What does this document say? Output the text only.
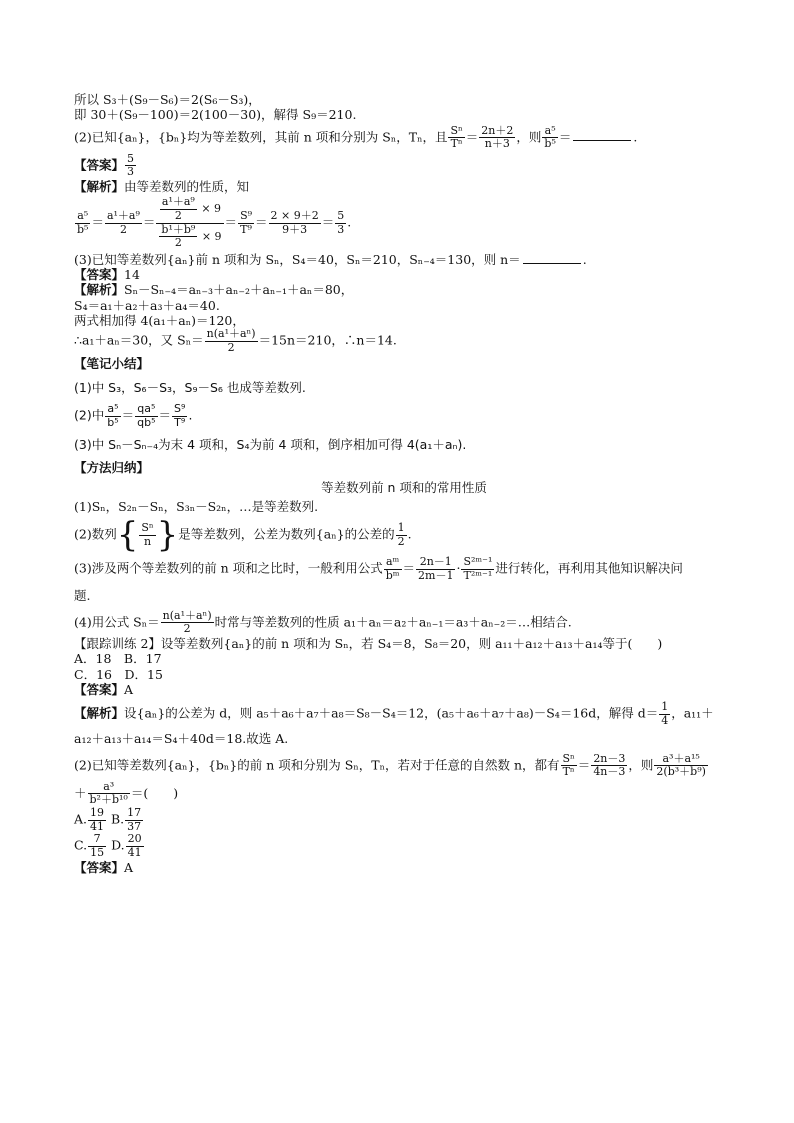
所以 S₃＋(S₉－S₆)＝2(S₆－S₃)，
即 30＋(S₉－100)＝2(100－30)，解得 S₉＝210.
(2)已知{aₙ}，{bₙ}均为等差数列，其前 n 项和分别为 Sₙ，Tₙ，且 $\frac{\text{Sⁿ}}{\text{Tⁿ}} = \frac{2n+2}{n+3}$ ，则 $\frac{\text{a⁵}}{\text{b⁵}}$ ＝	.
【答案】 $\frac{5}{3}$
【解析】由等差数列的性质，知
$\frac{\text{a⁵}}{\text{b⁵}} = \frac{\text{a¹＋a⁹}}{2} = \frac{\frac{\text{a¹＋a⁹}}{2} \times 9}{\frac{\text{b¹＋b⁹}}{2} \times 9} = \frac{\text{S⁹}}{\text{T⁹}} = \frac{2 \times 9+2}{9+3} = \frac{5}{3}$ .
(3)已知等差数列{aₙ}前 n 项和为 Sₙ，S₄＝40，Sₙ＝210，Sₙ₋₄＝130，则 n＝	.
【答案】14
【解析】Sₙ－Sₙ₋₄＝aₙ₋₃＋aₙ₋₂＋aₙ₋₁＋aₙ＝80，
S₄＝a₁＋a₂＋a₃＋a₄＝40.
两式相加得 4(a₁＋aₙ)＝120，
∴a₁＋aₙ＝30，又 $S_n= \frac{\text{n(a¹＋aⁿ)}}{2} =15n=210$，∴n＝14.
【笔记小结】
(1)中 S₃，S₆－S₃，S₉－S₆ 也成等差数列.
(2)中 $\frac{\text{a⁵}}{\text{b⁵}} = \frac{\text{qa⁵}}{\text{qb⁵}} = \frac{\text{S⁹}}{\text{T⁹}}$ .
(3)中 Sₙ－Sₙ₋₄为末 4 项和，S₄为前 4 项和，倒序相加可得 4(a₁＋aₙ).
【方法归纳】
等差数列前 n 项和的常用性质
(1)Sₙ，S₂ₙ－Sₙ，S₃ₙ－S₂ₙ，…是等差数列.
(2)数列{ $\frac{\text{Sⁿ}}{n}$ }是等差数列，公差为数列{aₙ}的公差的 $\frac{1}{2}$ .
(3)涉及两个等差数列的前 n 项和之比时，一般利用公式 $\frac{\text{aᵐ}}{\text{bᵐ}} = \frac{2n-1}{2m-1} \cdot \frac{\text{S²ᵐ⁻¹}}{\text{T²ᵐ⁻¹}}$ 进行转化，再利用其他知识解决问
题.
(4)用公式 $S_n= \frac{\text{n(a¹＋aⁿ)}}{2}$ 时常与等差数列的性质 a₁＋aₙ＝a₂＋aₙ₋₁＝a₃＋aₙ₋₂＝…相结合.
【跟踪训练 2】设等差数列{aₙ}的前 n 项和为 Sₙ，若 S₄＝8，S₈＝20，则 a₁₁＋a₁₂＋a₁₃＋a₁₄等于(　　)
A．18　B．17
C．16　D．15
【答案】A
【解析】设{aₙ}的公差为 d，则 a₅＋a₆＋a₇＋a₈＝S₈－S₄＝12，(a₅＋a₆＋a₇＋a₈)－S₄＝16d，解得 $d= \frac{1}{4}$ ，a₁₁＋
a₁₂＋a₁₃＋a₁₄＝S₄＋40d＝18.故选 A.
(2)已知等差数列{aₙ}，{bₙ}的前 n 项和分别为 Sₙ，Tₙ，若对于任意的自然数 n，都有 $\frac{\text{Sⁿ}}{\text{Tⁿ}} = \frac{2n-3}{4n-3}$ ，则 $\frac{\text{a³＋a¹⁵}}{\text{2(b³＋b⁹)}}$
＋ $\frac{\text{a³}}{\text{b²＋b¹⁰}}$ ＝(　　)
A. $\frac{19}{41} B$. $\frac{17}{37}$
C. $\frac{7}{15} D$. $\frac{20}{41}$
【答案】A
